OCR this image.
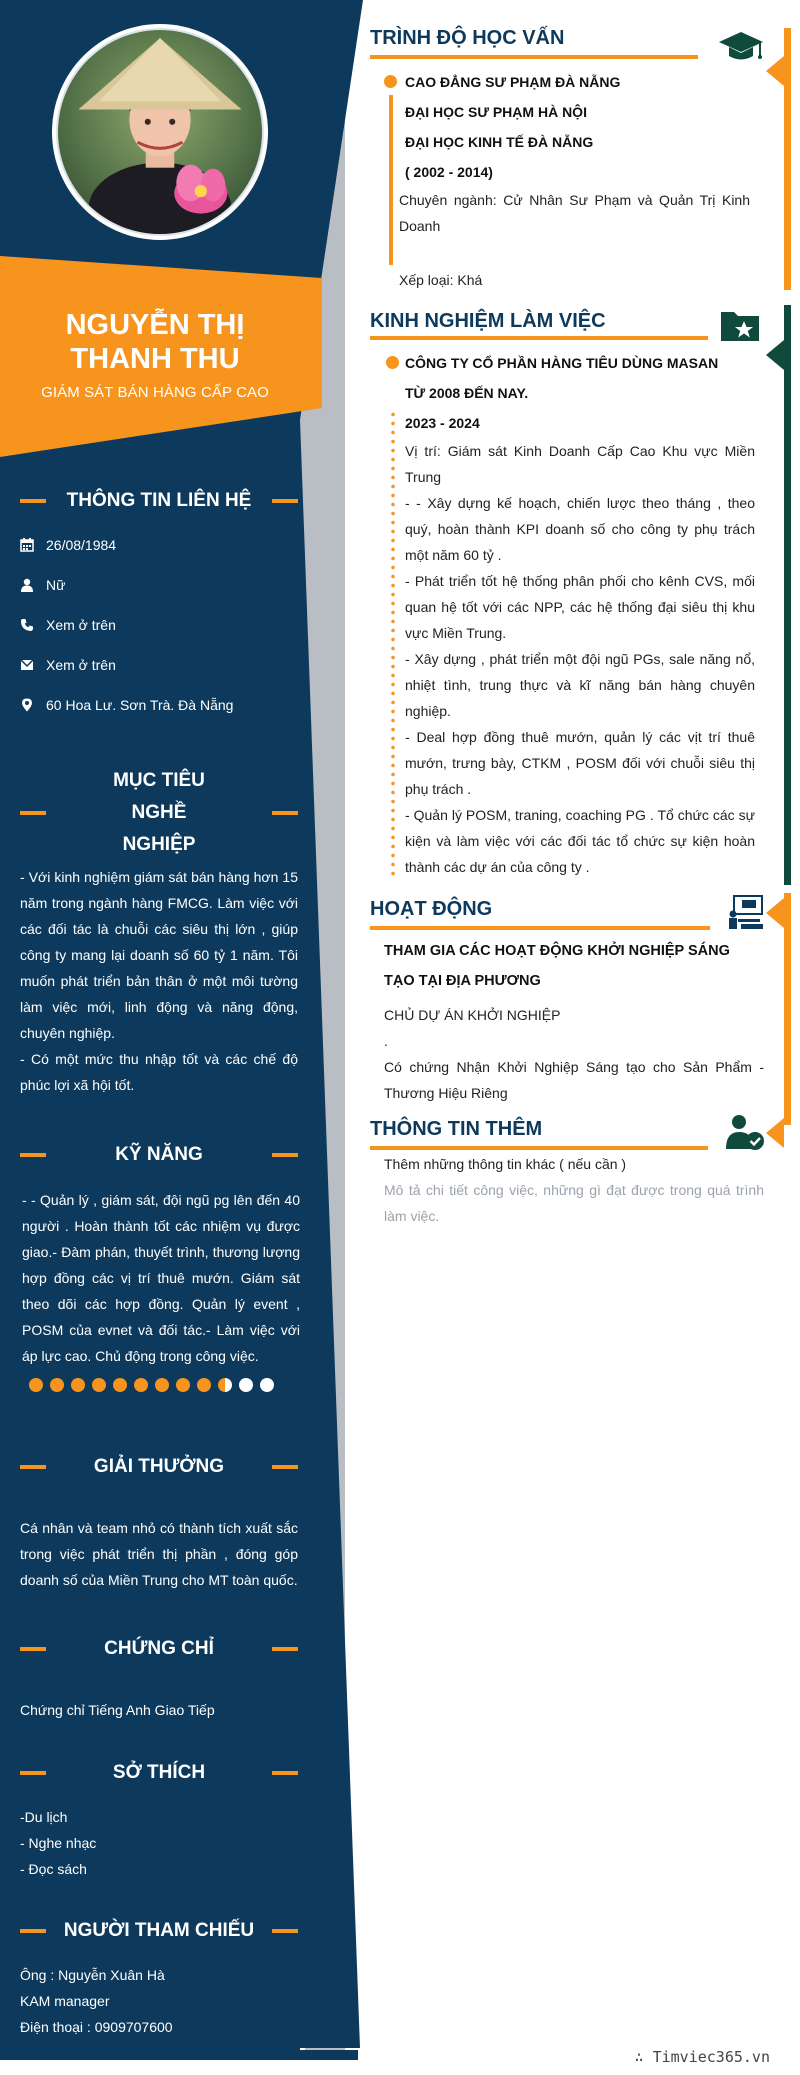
NGUYỄN THỊ THANH THU
GIÁM SÁT BÁN HÀNG CẤP CAO
THÔNG TIN LIÊN HỆ
26/08/1984
Nữ
Xem ở trên
Xem ở trên
60 Hoa Lư. Sơn Trà. Đà Nẵng
MỤC TIÊU NGHỀ NGHIỆP
- Với kinh nghiệm giám sát bán hàng hơn 15 năm trong ngành hàng FMCG. Làm việc với các đối tác là chuỗi các siêu thị lớn , giúp công ty mang lại doanh số 60 tỷ 1 năm. Tôi muốn phát triển bản thân ở một môi tường làm việc mới, linh động và năng động, chuyên nghiệp.
- Có một mức thu nhập tốt và các chế độ phúc lợi xã hội tốt.
KỸ NĂNG
- - Quản lý , giám sát, đội ngũ pg lên đến 40 người . Hoàn thành tốt các nhiệm vụ được giao.- Đàm phán, thuyết trình, thương lượng hợp đồng các vị trí thuê mướn. Giám sát theo dõi các hợp đồng. Quản lý event , POSM của evnet và đối tác.- Làm việc với áp lực cao. Chủ động trong công việc.
GIẢI THƯỞNG
Cá nhân và team nhỏ có thành tích xuất sắc trong việc phát triển thị phần , đóng góp doanh số của Miền Trung cho MT toàn quốc.
CHỨNG CHỈ
Chứng chỉ Tiếng Anh Giao Tiếp
SỞ THÍCH
-Du lịch
- Nghe nhạc
- Đọc sách
NGƯỜI THAM CHIẾU
Ông : Nguyễn Xuân Hà
KAM manager
Điện thoại : 0909707600
TRÌNH ĐỘ HỌC VẤN
CAO ĐẲNG SƯ PHẠM ĐÀ NẴNG
ĐẠI HỌC SƯ PHẠM HÀ NỘI
ĐẠI HỌC KINH TẾ ĐÀ NẴNG
( 2002 - 2014)
Chuyên ngành: Cử Nhân Sư Phạm và Quản Trị Kinh Doanh
Xếp loại: Khá
KINH NGHIỆM LÀM VIỆC
CÔNG TY CỔ PHẦN HÀNG TIÊU DÙNG MASAN
TỪ 2008 ĐẾN NAY.
2023 - 2024
Vị trí: Giám sát Kinh Doanh Cấp Cao Khu vực Miền Trung
- - Xây dựng kế hoạch, chiến lược theo tháng , theo quý, hoàn thành KPI doanh số cho công ty phụ trách một năm 60 tỷ .
- Phát triển tốt hệ thống phân phối cho kênh CVS, mối quan hệ tốt với các NPP, các hệ thống đại siêu thị khu vực Miền Trung.
- Xây dựng , phát triển một đội ngũ PGs, sale năng nổ, nhiệt tình, trung thực và kĩ năng bán hàng chuyên nghiệp.
- Deal hợp đồng thuê mướn, quản lý các vịt trí thuê mướn, trưng bày, CTKM , POSM đối với chuỗi siêu thị phụ trách .
- Quản lý POSM, traning, coaching PG . Tổ chức các sự kiện và làm việc với các đối tác tổ chức sự kiện hoàn thành các dự án của công ty .
HOẠT ĐỘNG
THAM GIA CÁC HOẠT ĐỘNG KHỞI NGHIỆP SÁNG TẠO TẠI ĐỊA PHƯƠNG
CHỦ DỰ ÁN KHỞI NGHIỆP
.
Có chứng Nhận Khởi Nghiệp Sáng tạo cho Sản Phẩm - Thương Hiệu Riêng
THÔNG TIN THÊM
Thêm những thông tin khác ( nếu cần )
Mô tả chi tiết công việc, những gì đạt được trong quá trình làm việc.
∴ Timviec365.vn
